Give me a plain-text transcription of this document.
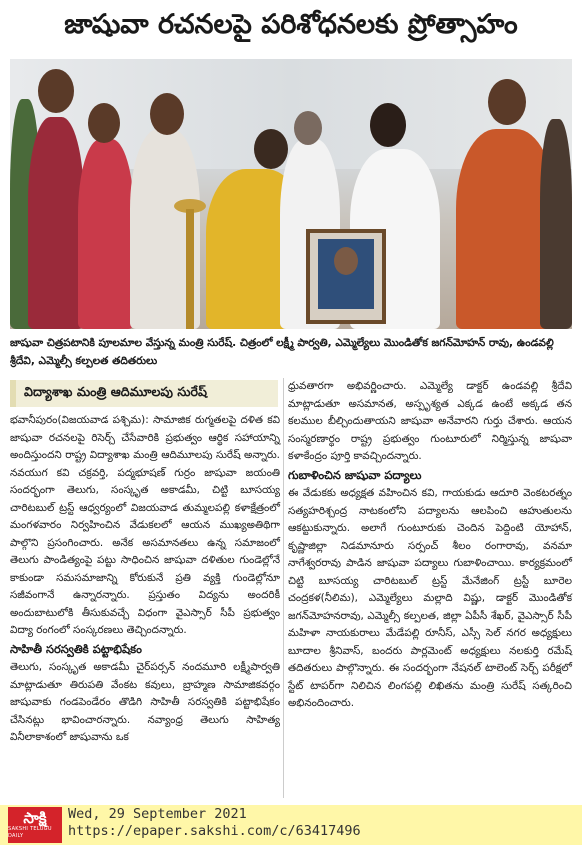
జాషువా రచనలపై పరిశోధనలకు ప్రోత్సాహం
జాషువా చిత్రపటానికి పూలమాల వేస్తున్న మంత్రి సురేష్. చిత్రంలో లక్ష్మీ పార్వతి, ఎమ్మెల్యేలు మొండితోక జగన్‌మోహన్ రావు, ఉండవల్లి శ్రీదేవి, ఎమ్మెల్సీ కల్పలత తదితరులు
విద్యాశాఖ మంత్రి ఆదిమూలపు సురేష్

భవానీపురం(విజయవాడ పశ్చిమ): సామాజిక రుగ్మతలపై దళిత కవి జాషువా రచనలపై రిసెర్చ్ చేసేవారికి ప్రభుత్వం ఆర్థిక సహాయాన్ని అందిస్తుందని రాష్ట్ర విద్యాశాఖ మంత్రి ఆదిమూలపు సురేష్ అన్నారు. నవయుగ కవి చక్రవర్తి, పద్మభూషణ్ గుర్రం జాషువా జయంతి సందర్భంగా తెలుగు, సంస్కృత అకాడమీ, చిట్టి బూసయ్య చారిటబుల్ ట్రస్ట్ ఆధ్వర్యంలో విజయవాడ తుమ్మలపల్లి కళాక్షేత్రంలో మంగళవారం నిర్వహించిన వేడుకలలో ఆయన ముఖ్యఅతిథిగా పాల్గొని ప్రసంగించారు. అనేక అసమానతలు ఉన్న సమాజంలో తెలుగు పాండిత్యంపై పట్టు సాధించిన జాషువా దళితుల గుండెల్లోనే కాకుండా సమసమాజాన్ని కోరుకునే ప్రతి వ్యక్తి గుండెల్లోనూ సజీవంగానే ఉన్నారన్నారు. ప్రస్తుతం విద్యను అందరికీ అందుబాటులోకి తీసుకువచ్చే విధంగా వైఎస్సార్ సీపీ ప్రభుత్వం విద్యా రంగంలో సంస్కరణలు తెచ్చిందన్నారు.

సాహితీ సరస్వతికి పట్టాభిషేకం

తెలుగు, సంస్కృత అకాడమీ చైర్‌పర్సన్ నందమూరి లక్ష్మీపార్వతి మాట్లాడుతూ తిరుపతి వేంకట కవులు, బ్రాహ్మణ సామాజికవర్గం జాషువాకు గండపెండేరం తొడిగి సాహితీ సరస్వతికి పట్టాభిషేకం చేసినట్లు భావించారన్నారు. నవ్యాంధ్ర తెలుగు సాహిత్య వినీలాకాశంలో జాషువాను ఒక

ధ్రువతారగా అభివర్ణించారు. ఎమ్మెల్యే డాక్టర్ ఉండవల్లి శ్రీదేవి మాట్లాడుతూ అసమానత, అస్పృశ్యత ఎక్కడ ఉంటే అక్కడ తన కలముల బీల్చిందుతాయని జాషువా అనేవారని గుర్తు చేశారు. ఆయన సంస్మరణార్థం రాష్ట్ర ప్రభుత్వం గుంటూరులో నిర్మిస్తున్న జాషువా కళాకేంద్రం పూర్తి కావచ్చిందన్నారు.

గుబాళించిన జాషువా పద్యాలు

ఈ వేడుకకు అధ్యక్షత వహించిన కవి, గాయకుడు ఆదూరి వెంకటరత్నం సత్యహరిశ్చంద్ర నాటకంలోని పద్యాలను ఆలపించి ఆహుతులను ఆకట్టుకున్నారు. అలాగే గుంటూరుకు చెందిన పెద్దింటి యోహాన్, కృష్ణాజిల్లా నిడమానూరు సర్పంచ్ శీలం రంగారావు, వనమా నాగేశ్వరరావు పాడిన జాషువా పద్యాలు గుబాళించాయి. కార్యక్రమంలో చిట్టి బూసయ్య చారిటబుల్ ట్రస్ట్ మేనేజింగ్ ట్రస్టీ బూరెల చంద్రకళ(నీలిమ), ఎమ్మెల్యేలు మల్లాది విష్ణు, డాక్టర్ మొండితోక జగన్‌మోహనరావు, ఎమ్మెల్సీ కల్పలత, జిల్లా ఏపీసీ శేఖర్, వైఎస్సార్ సీపీ మహిళా నాయకురాలు మేడేపల్లి రూనీస్, ఎస్సీ సెల్ నగర అధ్యక్షులు బూదాల శ్రీనివాస్, బందరు పార్లమెంట్ అధ్యక్షులు నలకుర్తి రమేష్ తదితరులు పాల్గొన్నారు. ఈ సందర్భంగా నేషనల్ టాలెంట్ సెర్చ్ పరీక్షలో స్టేట్ టాపర్‌గా నిలిచిన లింగపల్లి లిఖితను మంత్రి సురేష్ సత్కరించి అభినందించారు.

సాక్షి
SAKSHI TELUGU DAILY
Wed, 29 September 2021
https://epaper.sakshi.com/c/63417496
